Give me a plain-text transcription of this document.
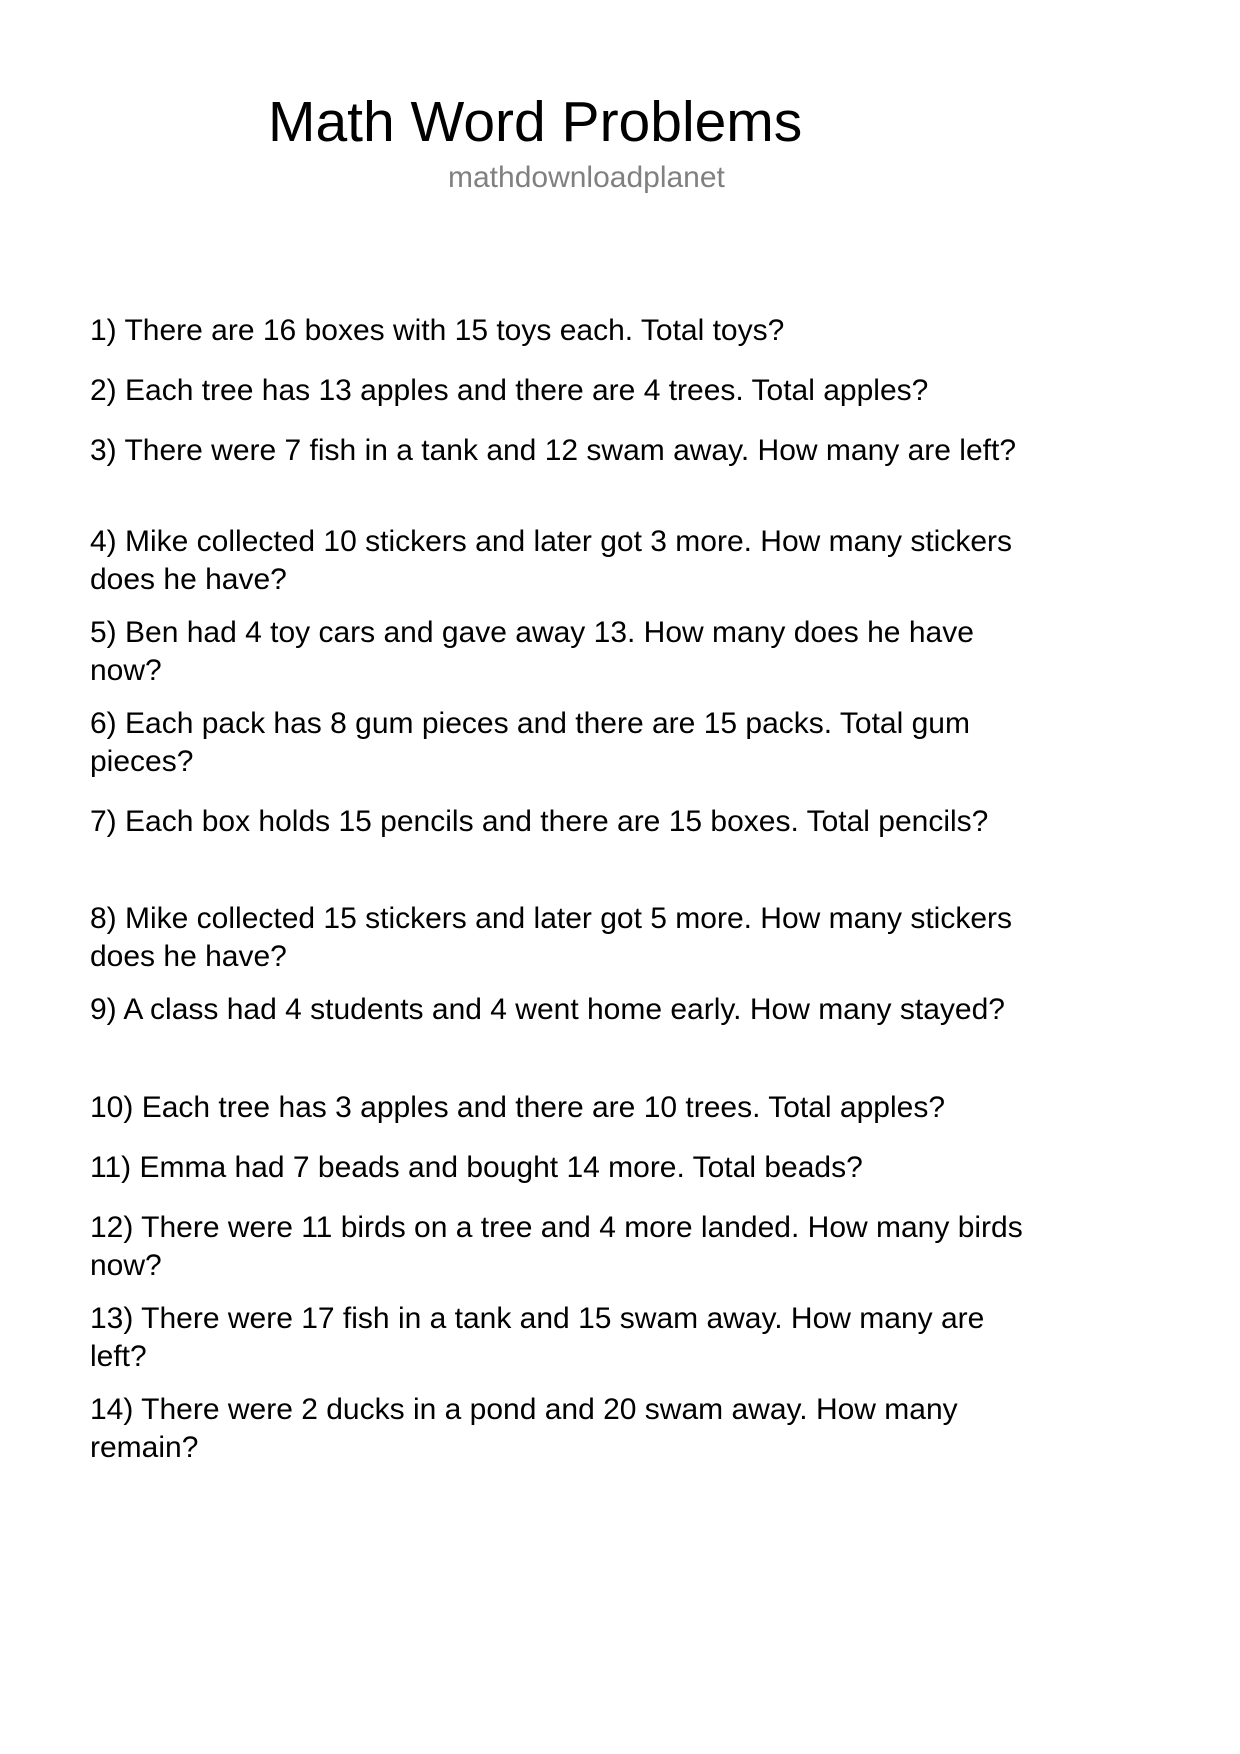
Math Word Problems
mathdownloadplanet
1) There are 16 boxes with 15 toys each. Total toys?
2) Each tree has 13 apples and there are 4 trees. Total apples?
3) There were 7 fish in a tank and 12 swam away. How many are left?
4) Mike collected 10 stickers and later got 3 more. How many stickers does he have?
5) Ben had 4 toy cars and gave away 13. How many does he have now?
6) Each pack has 8 gum pieces and there are 15 packs. Total gum pieces?
7) Each box holds 15 pencils and there are 15 boxes. Total pencils?
8) Mike collected 15 stickers and later got 5 more. How many stickers does he have?
9) A class had 4 students and 4 went home early. How many stayed?
10) Each tree has 3 apples and there are 10 trees. Total apples?
11) Emma had 7 beads and bought 14 more. Total beads?
12) There were 11 birds on a tree and 4 more landed. How many birds now?
13) There were 17 fish in a tank and 15 swam away. How many are left?
14) There were 2 ducks in a pond and 20 swam away. How many remain?
